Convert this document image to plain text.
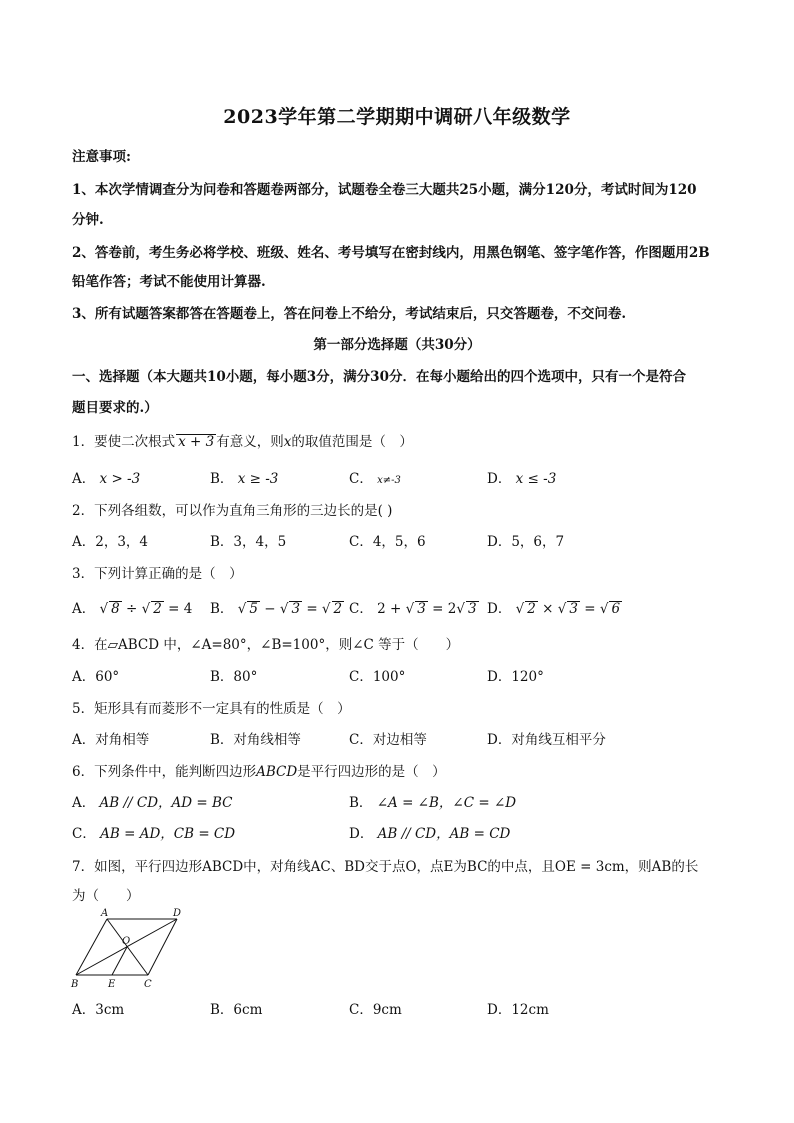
2023学年第二学期期中调研八年级数学
注意事项:
1、本次学情调查分为问卷和答题卷两部分，试题卷全卷三大题共25小题，满分120分，考试时间为120
分钟.
2、答卷前，考生务必将学校、班级、姓名、考号填写在密封线内，用黑色钢笔、签字笔作答，作图题用2B
铅笔作答；考试不能使用计算器.
3、所有试题答案都答在答题卷上，答在问卷上不给分，考试结束后，只交答题卷，不交问卷.
第一部分选择题（共30分）
一、选择题（本大题共10小题，每小题3分，满分30分．在每小题给出的四个选项中，只有一个是符合
题目要求的.）
1．要使二次根式 x + 3 有意义，则x的取值范围是（　）
A． x > -3	B． x ≥ -3	C． x≠-3	D． x ≤ -3
2．下列各组数，可以作为直角三角形的三边长的是( )
A．2，3，4	B．3，4，5	C．4，5，6	D．5，6，7
3．下列计算正确的是（　）
A． √ 8 ÷ √ 2 = 4 B． √ 5 − √ 3 = √ 2 C． 2 + √ 3 = 2√ 3 D． √ 2 × √ 3 = √ 6
4．在▱ABCD 中，∠A=80°，∠B=100°，则∠C 等于（　　）
A．60°	B．80°	C．100°	D．120°
5．矩形具有而菱形不一定具有的性质是（　）
A．对角相等	B．对角线相等	C．对边相等	D．对角线互相平分
6．下列条件中，能判断四边形ABCD是平行四边形的是（　）
A． AB // CD，AD = BC	B． ∠A = ∠B，∠C = ∠D
C． AB = AD，CB = CD	D． AB // CD，AB = CD
7．如图，平行四边形ABCD中，对角线AC、BD交于点O，点E为BC的中点，且OE = 3cm，则AB的长
为（　　）
A	D
O
B	E	C
A．3cm	B．6cm	C．9cm	D．12cm
